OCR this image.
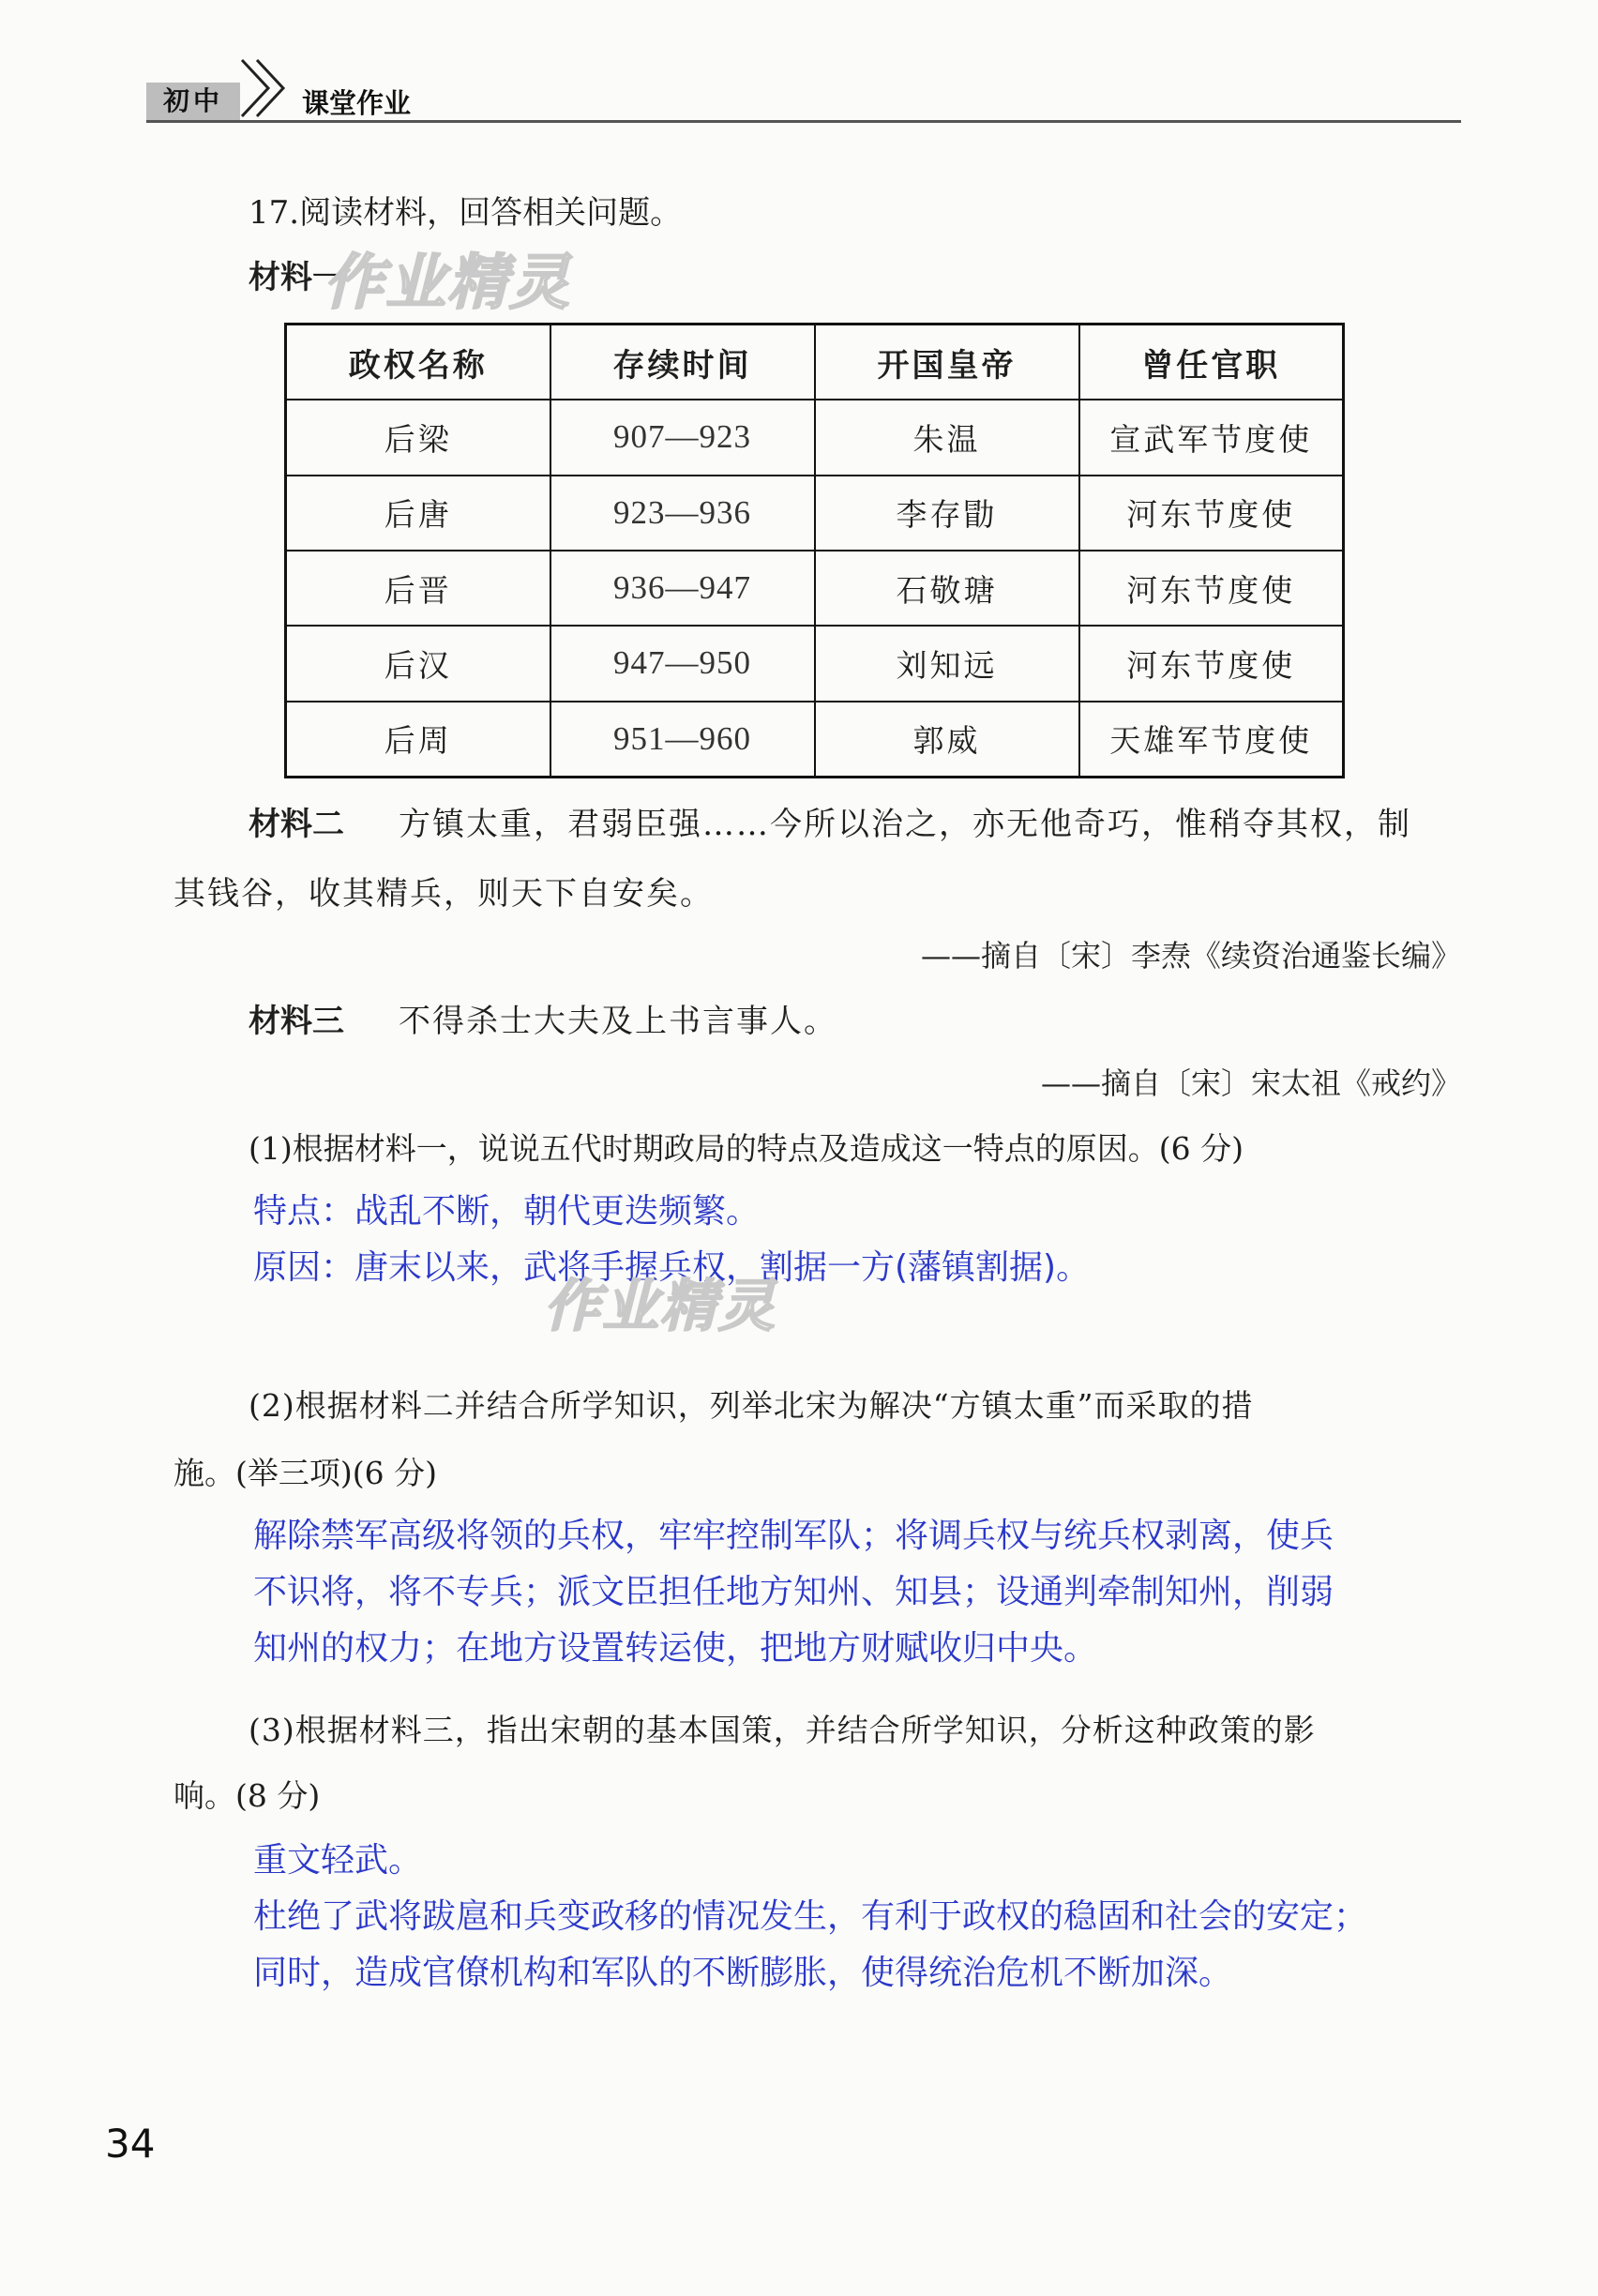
初中	课堂作业
17.阅读材料，回答相关问题。
材料一
作业精灵
政权名称	存续时间	开国皇帝	曾任官职
后梁	907—923	朱温	宣武军节度使
后唐	923—936	李存勖	河东节度使
后晋	936—947	石敬瑭	河东节度使
后汉	947—950	刘知远	河东节度使
后周	951—960	郭威	天雄军节度使
材料二 方镇太重，君弱臣强……今所以治之，亦无他奇巧，惟稍夺其权，制
其钱谷，收其精兵，则天下自安矣。
——摘自〔宋〕李焘《续资治通鉴长编》
材料三 不得杀士大夫及上书言事人。
——摘自〔宋〕宋太祖《戒约》
(1)根据材料一，说说五代时期政局的特点及造成这一特点的原因。(6 分)
特点：战乱不断，朝代更迭频繁。
原因：唐末以来，武将手握兵权，割据一方(藩镇割据)。
作业精灵
(2)根据材料二并结合所学知识，列举北宋为解决“方镇太重”而采取的措
施。(举三项)(6 分)
解除禁军高级将领的兵权，牢牢控制军队；将调兵权与统兵权剥离，使兵
不识将，将不专兵；派文臣担任地方知州、知县；设通判牵制知州，削弱
知州的权力；在地方设置转运使，把地方财赋收归中央。
(3)根据材料三，指出宋朝的基本国策，并结合所学知识，分析这种政策的影
响。(8 分)
重文轻武。
杜绝了武将跋扈和兵变政移的情况发生，有利于政权的稳固和社会的安定；
同时，造成官僚机构和军队的不断膨胀，使得统治危机不断加深。
34
